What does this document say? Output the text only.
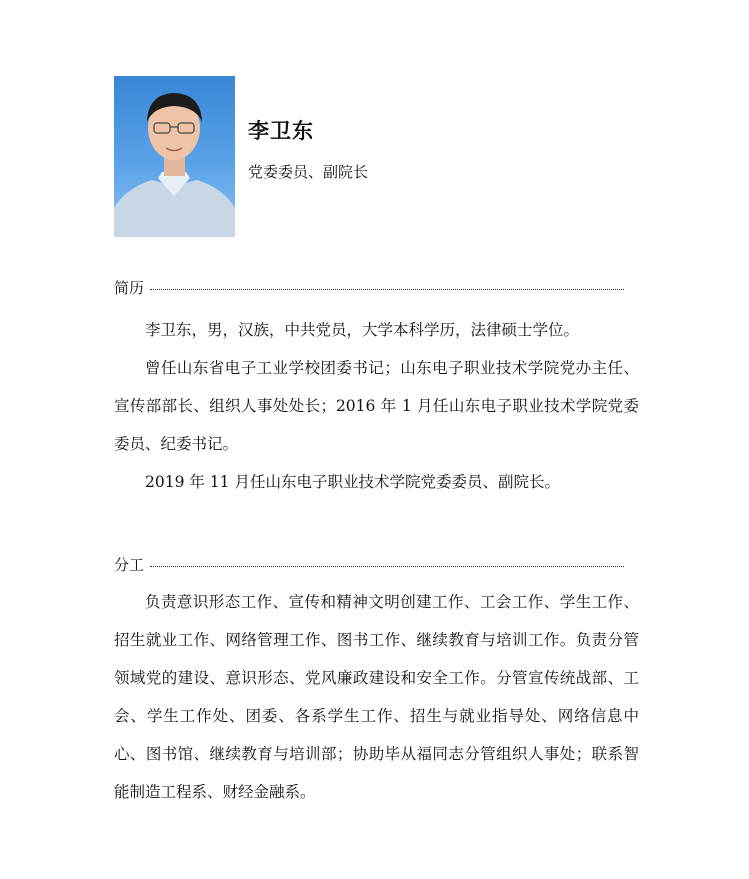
李卫东
党委委员、副院长
简历

李卫东，男，汉族，中共党员，大学本科学历，法律硕士学位。

曾任山东省电子工业学校团委书记；山东电子职业技术学院党办主任、宣传部部长、组织人事处处长；2016 年 1 月任山东电子职业技术学院党委委员、纪委书记。

2019 年 11 月任山东电子职业技术学院党委委员、副院长。

分工

负责意识形态工作、宣传和精神文明创建工作、工会工作、学生工作、招生就业工作、网络管理工作、图书工作、继续教育与培训工作。负责分管领域党的建设、意识形态、党风廉政建设和安全工作。分管宣传统战部、工会、学生工作处、团委、各系学生工作、招生与就业指导处、网络信息中心、图书馆、继续教育与培训部；协助毕从福同志分管组织人事处；联系智能制造工程系、财经金融系。
